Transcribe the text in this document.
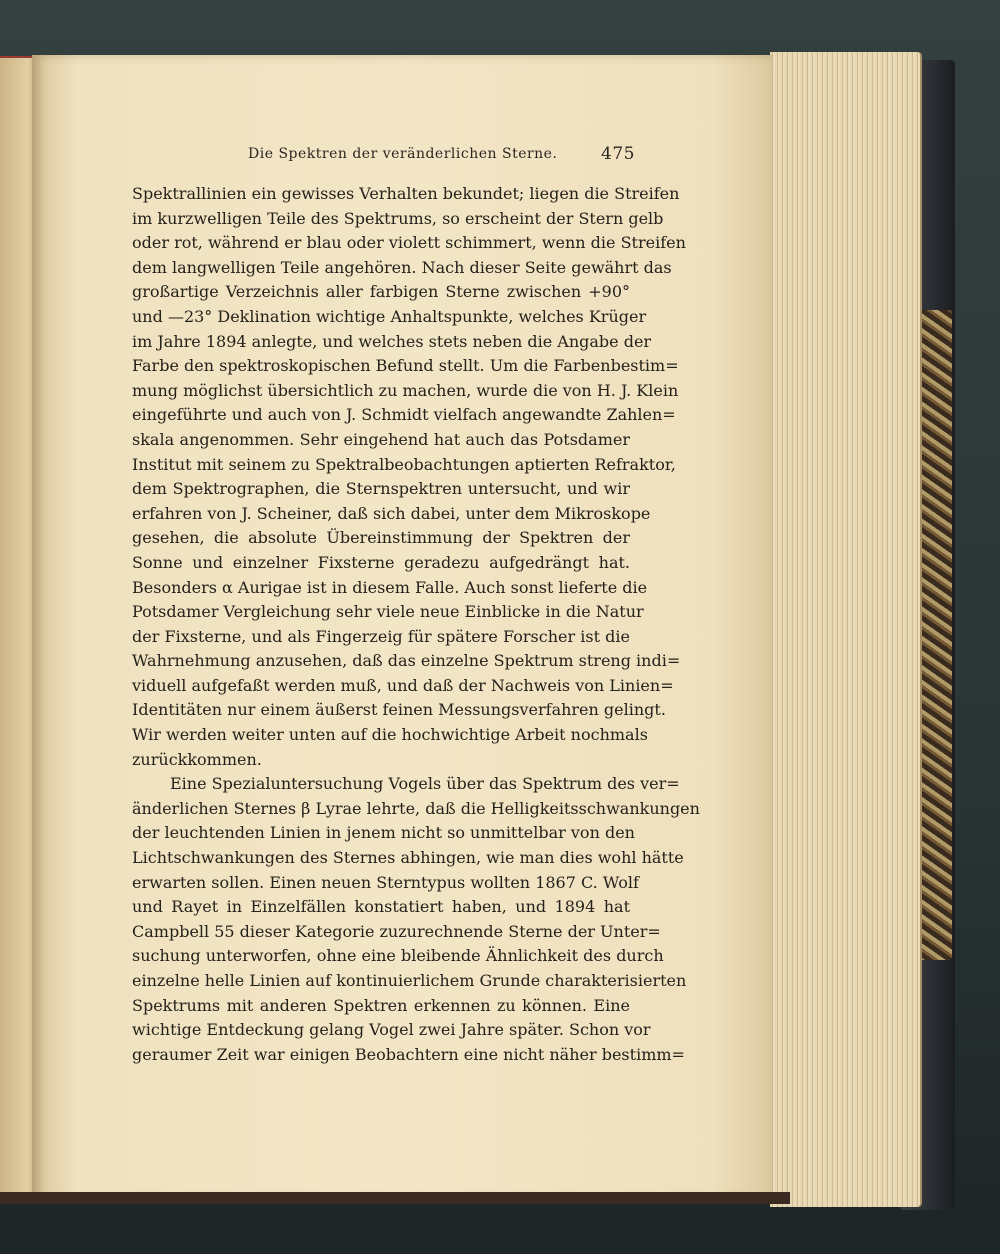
Die Spektren der veränderlichen Sterne.	475
Spektrallinien ein gewisses Verhalten bekundet; liegen die Streifen
im kurzwelligen Teile des Spektrums, so erscheint der Stern gelb
oder rot, während er blau oder violett schimmert, wenn die Streifen
dem langwelligen Teile angehören. Nach dieser Seite gewährt das
großartige Verzeichnis aller farbigen Sterne zwischen +90°
und —23° Deklination wichtige Anhaltspunkte, welches Krüger
im Jahre 1894 anlegte, und welches stets neben die Angabe der
Farbe den spektroskopischen Befund stellt. Um die Farbenbestim=
mung möglichst übersichtlich zu machen, wurde die von H. J. Klein
eingeführte und auch von J. Schmidt vielfach angewandte Zahlen=
skala angenommen. Sehr eingehend hat auch das Potsdamer
Institut mit seinem zu Spektralbeobachtungen aptierten Refraktor,
dem Spektrographen, die Sternspektren untersucht, und wir
erfahren von J. Scheiner, daß sich dabei, unter dem Mikroskope
gesehen, die absolute Übereinstimmung der Spektren der
Sonne und einzelner Fixsterne geradezu aufgedrängt hat.
Besonders α Aurigae ist in diesem Falle. Auch sonst lieferte die
Potsdamer Vergleichung sehr viele neue Einblicke in die Natur
der Fixsterne, und als Fingerzeig für spätere Forscher ist die
Wahrnehmung anzusehen, daß das einzelne Spektrum streng indi=
viduell aufgefaßt werden muß, und daß der Nachweis von Linien=
Identitäten nur einem äußerst feinen Messungsverfahren gelingt.
Wir werden weiter unten auf die hochwichtige Arbeit nochmals
zurückkommen.
Eine Spezialuntersuchung Vogels über das Spektrum des ver=
änderlichen Sternes β Lyrae lehrte, daß die Helligkeitsschwankungen
der leuchtenden Linien in jenem nicht so unmittelbar von den
Lichtschwankungen des Sternes abhingen, wie man dies wohl hätte
erwarten sollen. Einen neuen Sterntypus wollten 1867 C. Wolf
und Rayet in Einzelfällen konstatiert haben, und 1894 hat
Campbell 55 dieser Kategorie zuzurechnende Sterne der Unter=
suchung unterworfen, ohne eine bleibende Ähnlichkeit des durch
einzelne helle Linien auf kontinuierlichem Grunde charakterisierten
Spektrums mit anderen Spektren erkennen zu können. Eine
wichtige Entdeckung gelang Vogel zwei Jahre später. Schon vor
geraumer Zeit war einigen Beobachtern eine nicht näher bestimm=
